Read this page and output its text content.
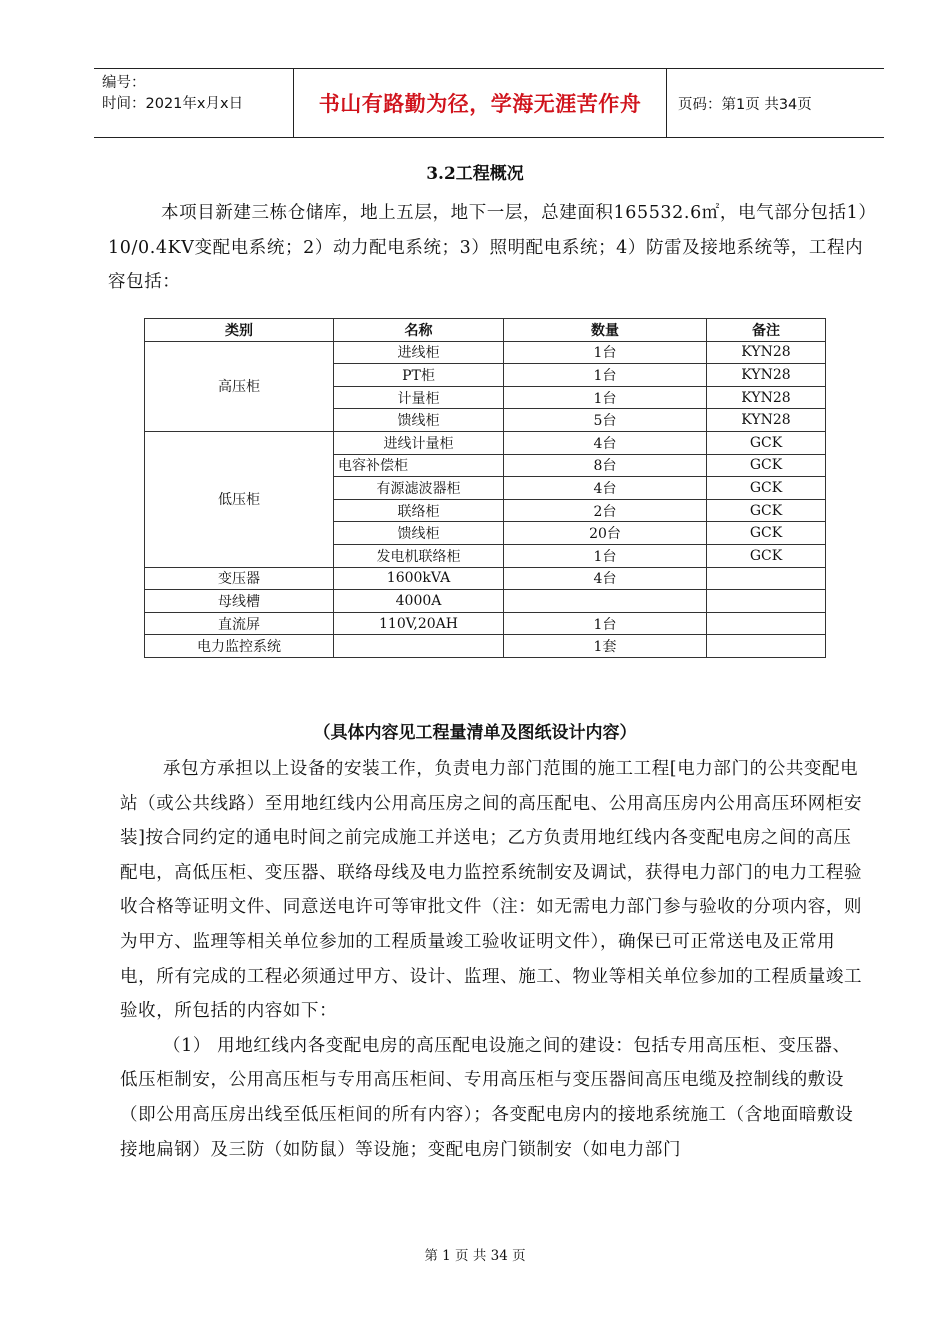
编号：
时间：2021年x月x日	书山有路勤为径，学海无涯苦作舟	页码：第1页 共34页
3.2工程概况
本项目新建三栋仓储库，地上五层，地下一层，总建面积165532.6㎡，电气部分包括1）10/0.4KV变配电系统；2）动力配电系统；3）照明配电系统；4）防雷及接地系统等，工程内容包括：
类别	名称	数量	备注
高压柜	进线柜	1台	KYN28
	PT柜	1台	KYN28
	计量柜	1台	KYN28
	馈线柜	5台	KYN28
低压柜	进线计量柜	4台	GCK
	电容补偿柜	8台	GCK
	有源滤波器柜	4台	GCK
	联络柜	2台	GCK
	馈线柜	20台	GCK
	发电机联络柜	1台	GCK
变压器	1600kVA	4台	
母线槽	4000A		
直流屏	110V,20AH	1台	
电力监控系统		1套	
（具体内容见工程量清单及图纸设计内容）
承包方承担以上设备的安装工作，负责电力部门范围的施工工程[电力部门的公共变配电站（或公共线路）至用地红线内公用高压房之间的高压配电、公用高压房内公用高压环网柜安装]按合同约定的通电时间之前完成施工并送电；乙方负责用地红线内各变配电房之间的高压配电，高低压柜、变压器、联络母线及电力监控系统制安及调试，获得电力部门的电力工程验收合格等证明文件、同意送电许可等审批文件（注：如无需电力部门参与验收的分项内容，则为甲方、监理等相关单位参加的工程质量竣工验收证明文件），确保已可正常送电及正常用电，所有完成的工程必须通过甲方、设计、监理、施工、物业等相关单位参加的工程质量竣工验收，所包括的内容如下：
（1） 用地红线内各变配电房的高压配电设施之间的建设：包括专用高压柜、变压器、低压柜制安，公用高压柜与专用高压柜间、专用高压柜与变压器间高压电缆及控制线的敷设（即公用高压房出线至低压柜间的所有内容）；各变配电房内的接地系统施工（含地面暗敷设接地扁钢）及三防（如防鼠）等设施；变配电房门锁制安（如电力部门
第 1 页 共 34 页
